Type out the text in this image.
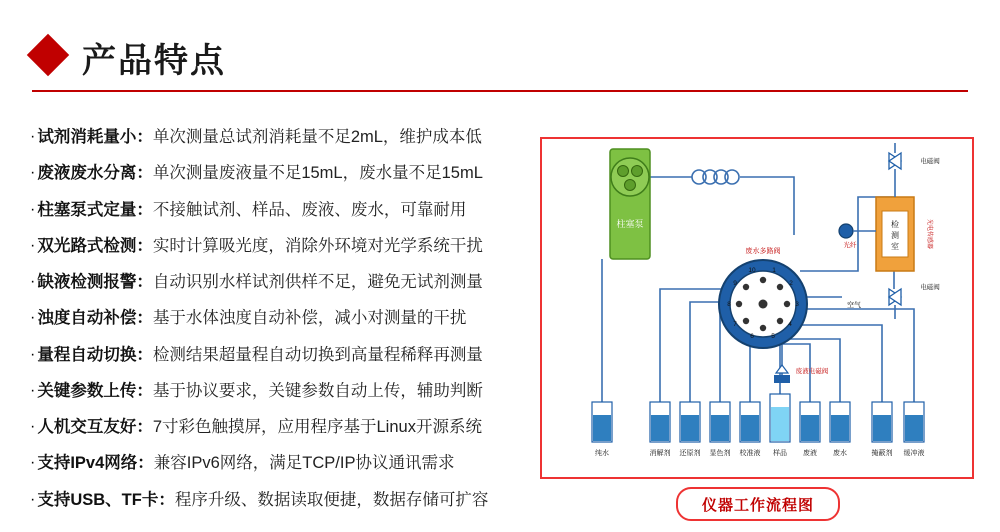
产品特点
· 试剂消耗量小： 单次测量总试剂消耗量不足2mL，维护成本低
· 废液废水分离： 单次测量废液量不足15mL，废水量不足15mL
· 柱塞泵式定量： 不接触试剂、样品、废液、废水，可靠耐用
· 双光路式检测： 实时计算吸光度，消除外环境对光学系统干扰
· 缺液检测报警： 自动识别水样试剂供样不足，避免无试剂测量
· 浊度自动补偿： 基于水体浊度自动补偿，减小对测量的干扰
· 量程自动切换： 检测结果超量程自动切换到高量程稀释再测量
· 关键参数上传： 基于协议要求，关键参数自动上传，辅助判断
· 人机交互友好： 7寸彩色触摸屏，应用程序基于Linux开源系统
· 支持IPv4网络： 兼容IPv6网络，满足TCP/IP协议通讯需求
· 支持USB、TF卡： 程序升级、数据读取便捷，数据存储可扩容
柱塞泵
1
2
3
4
5
6
7
8
9
10
废水多路阀
空气
废液电磁阀
检
测
室	光电传感器
光纤
电磁阀
电磁阀
纯水	消解剂 还原剂 显色剂 校准液 样品 废液 废水	掩蔽剂 缓冲液
仪器工作流程图
